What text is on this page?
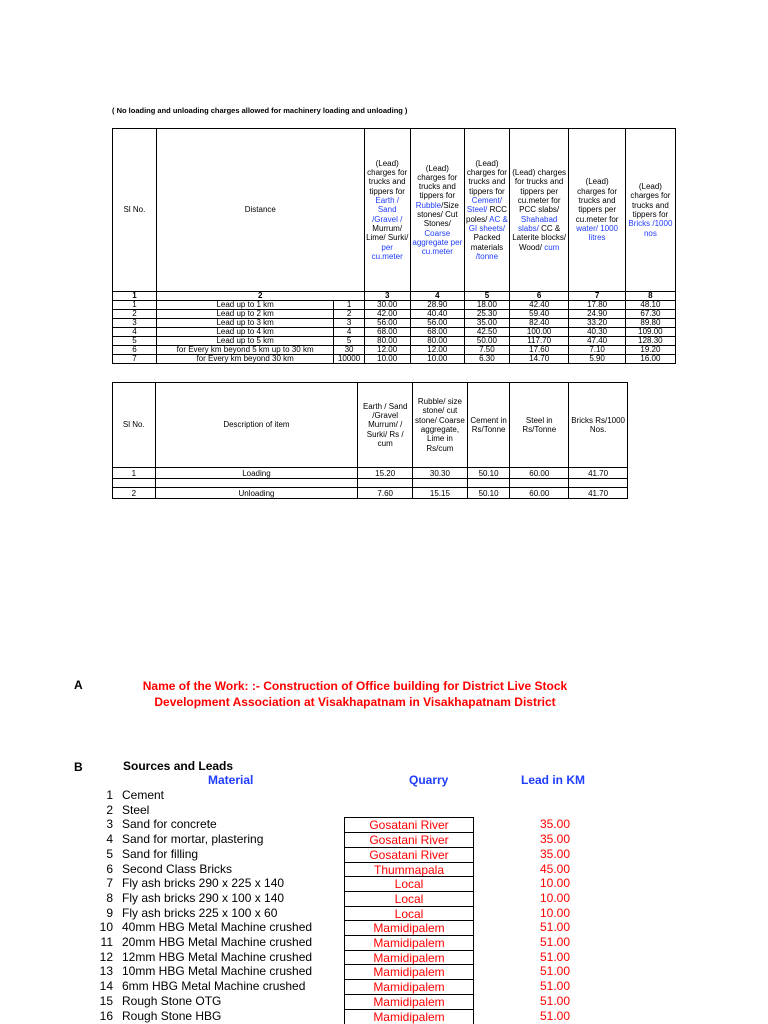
( No loading and unloading charges allowed for machinery loading and unloading )
Sl No.	Distance		(Lead) charges for trucks and tippers for Earth / Sand /Gravel / Murrum/ Lime/ Surki/ per cu.meter	(Lead) charges for trucks and tippers for Rubble/Size stones/ Cut Stones/ Coarse aggregate per cu.meter	(Lead) charges for trucks and tippers for Cement/ Steel/ RCC poles/ AC & GI sheets/ Packed materials /tonne	(Lead) charges for trucks and tippers per cu.meter for PCC slabs/ Shahabad slabs/ CC & Laterite blocks/ Wood/ cum	(Lead) charges for trucks and tippers per cu.meter for water/ 1000 litres	(Lead) charges for trucks and tippers for Bricks /1000 nos
1	2		3	4	5	6	7	8
1	Lead up to 1 km	1	30.00	28.90	18.00	42.40	17.80	48.10
2	Lead up to 2 km	2	42.00	40.40	25.30	59.40	24.90	67.30
3	Lead up to 3 km	3	56.00	56.00	35.00	82.40	33.20	89.80
4	Lead up to 4 km	4	68.00	68.00	42.50	100.00	40.30	109.00
5	Lead up to 5 km	5	80.00	80.00	50.00	117.70	47.40	128.30
6	for Every km beyond 5 km up to 30 km	30	12.00	12.00	7.50	17.60	7.10	19.20
7	for Every km beyond 30 km	10000	10.00	10.00	6.30	14.70	5.90	16.00
Sl No.	Description of item	Earth / Sand /Gravel Murrum/ / Surki/ Rs / cum	Rubble/ size stone/ cut stone/ Coarse aggregate, Lime in Rs/cum	Cement in Rs/Tonne	Steel in Rs/Tonne	Bricks Rs/1000 Nos.
1	Loading	15.20	30.30	50.10	60.00	41.70

2	Unloading	7.60	15.15	50.10	60.00	41.70
A	Name of the Work: :- Construction of Office building for District Live Stock
Development Association at Visakhapatnam in Visakhapatnam District
B	Sources and Leads
Material	Quarry	Lead in KM
1 Cement
2 Steel
3 Sand for concrete	Gosatani River	35.00
4 Sand for mortar, plastering	Gosatani River	35.00
5 Sand for filling	Gosatani River	35.00
6 Second Class Bricks	Thummapala	45.00
7 Fly ash bricks 290 x 225 x 140	Local	10.00
8 Fly ash bricks 290 x 100 x 140	Local	10.00
9 Fly ash bricks 225 x 100 x 60	Local	10.00
10 40mm HBG Metal Machine crushed	Mamidipalem	51.00
11 20mm HBG Metal Machine crushed	Mamidipalem	51.00
12 12mm HBG Metal Machine crushed	Mamidipalem	51.00
13 10mm HBG Metal Machine crushed	Mamidipalem	51.00
14 6mm HBG Metal Machine crushed	Mamidipalem	51.00
15 Rough Stone OTG	Mamidipalem	51.00
16 Rough Stone HBG	Mamidipalem	51.00
